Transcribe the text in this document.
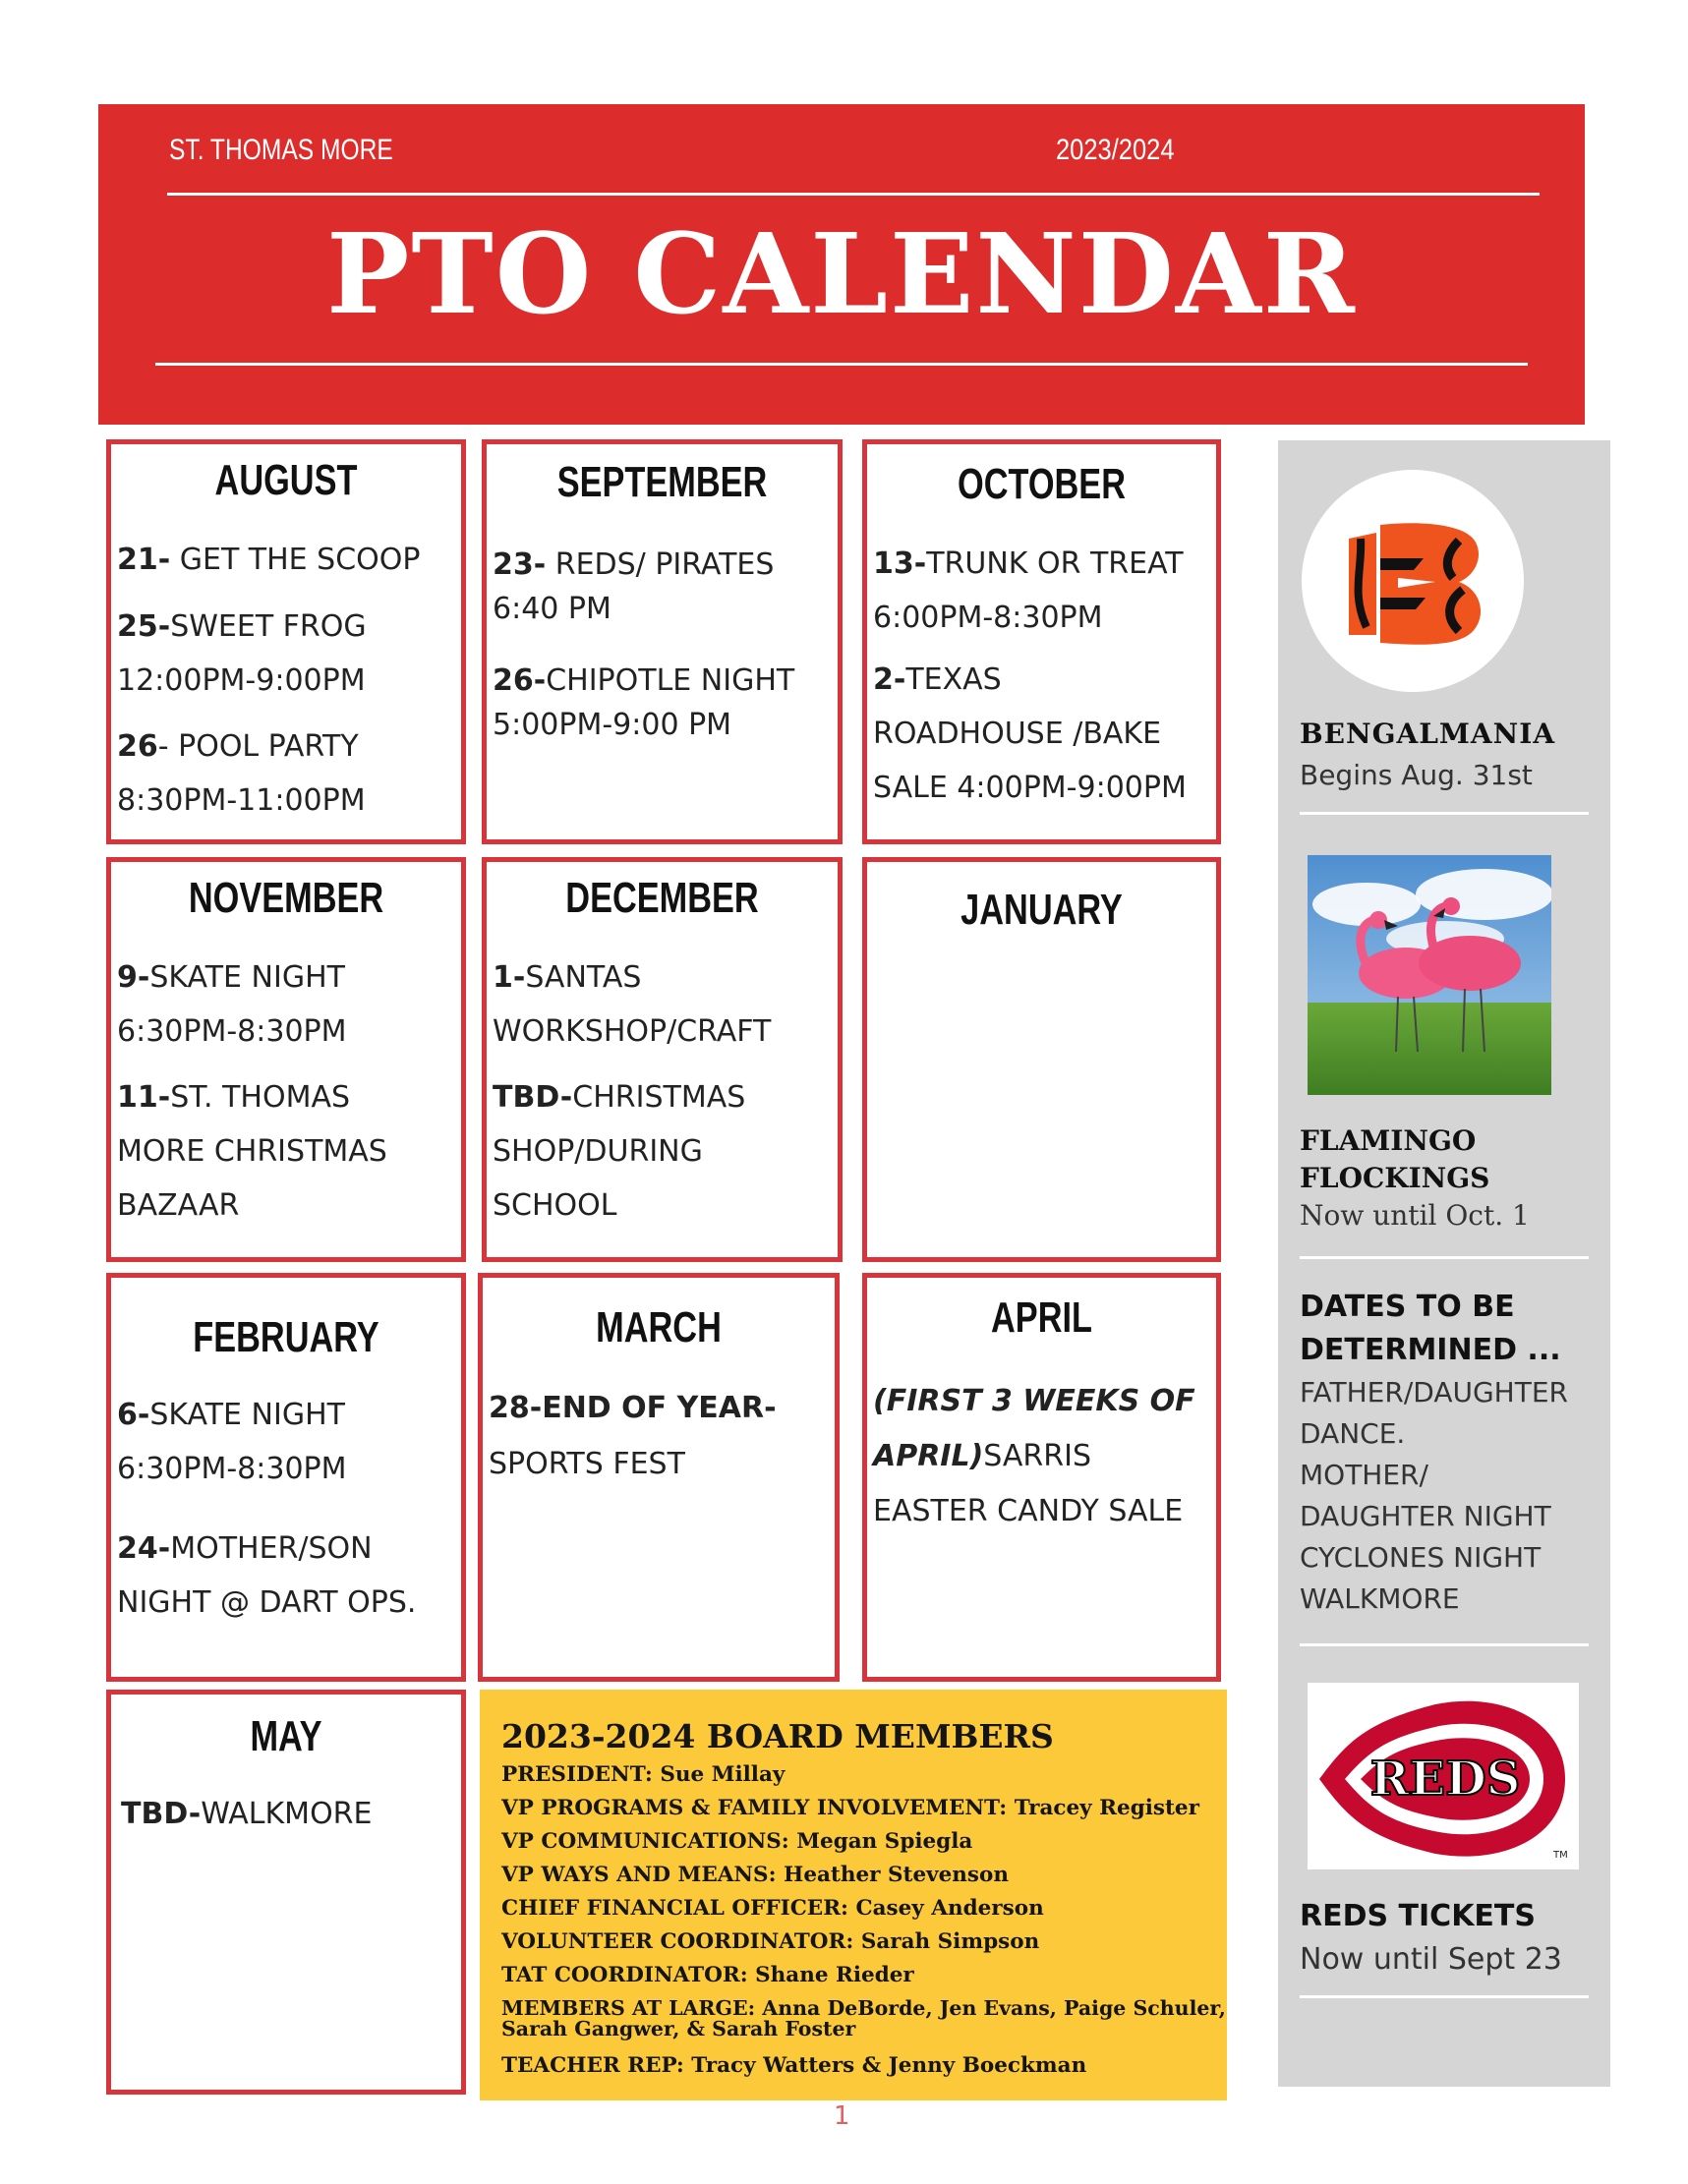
ST. THOMAS MORE	2023/2024
PTO CALENDAR
AUGUST
21- GET THE SCOOP
25-SWEET FROG
12:00PM-9:00PM
26- POOL PARTY
8:30PM-11:00PM
SEPTEMBER
23- REDS/ PIRATES
6:40 PM
26-CHIPOTLE NIGHT
5:00PM-9:00 PM
OCTOBER
13-TRUNK OR TREAT
6:00PM-8:30PM
2-TEXAS
ROADHOUSE /BAKE
SALE 4:00PM-9:00PM
NOVEMBER
9-SKATE NIGHT
6:30PM-8:30PM
11-ST. THOMAS
MORE CHRISTMAS
BAZAAR
DECEMBER
1-SANTAS
WORKSHOP/CRAFT
TBD-CHRISTMAS
SHOP/DURING
SCHOOL
JANUARY
FEBRUARY
6-SKATE NIGHT
6:30PM-8:30PM
24-MOTHER/SON
NIGHT @ DART OPS.
MARCH
28-END OF YEAR-
SPORTS FEST
APRIL
(FIRST 3 WEEKS OF
APRIL)SARRIS
EASTER CANDY SALE
MAY
TBD-WALKMORE
2023-2024 BOARD MEMBERS
PRESIDENT: Sue Millay
VP PROGRAMS & FAMILY INVOLVEMENT: Tracey Register
VP COMMUNICATIONS: Megan Spiegla
VP WAYS AND MEANS: Heather Stevenson
CHIEF FINANCIAL OFFICER: Casey Anderson
VOLUNTEER COORDINATOR: Sarah Simpson
TAT COORDINATOR: Shane Rieder
MEMBERS AT LARGE: Anna DeBorde, Jen Evans, Paige Schuler,
Sarah Gangwer, & Sarah Foster
TEACHER REP: Tracy Watters & Jenny Boeckman
BENGALMANIA
Begins Aug. 31st
FLAMINGO
FLOCKINGS
Now until Oct. 1
DATES TO BE
DETERMINED ...
FATHER/DAUGHTER
DANCE.
MOTHER/
DAUGHTER NIGHT
CYCLONES NIGHT
WALKMORE
REDS
TM
REDS TICKETS
Now until Sept 23
1
